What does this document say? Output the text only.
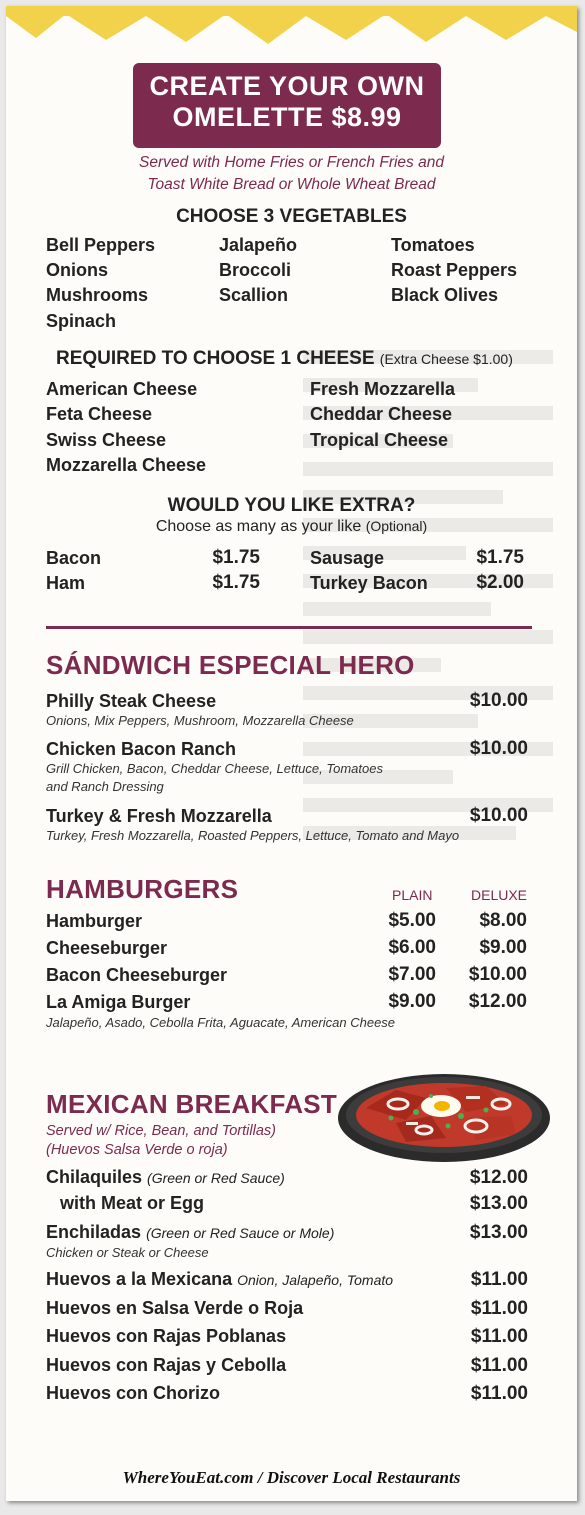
CREATE YOUR OWN
OMELETTE $8.99
Served with Home Fries or French Fries and
Toast White Bread or Whole Wheat Bread
CHOOSE 3 VEGETABLES
Bell Peppers	Jalapeño	Tomatoes
Onions	Broccoli	Roast Peppers
Mushrooms	Scallion	Black Olives
Spinach
REQUIRED TO CHOOSE 1 CHEESE (Extra Cheese $1.00)
American Cheese	Fresh Mozzarella
Feta Cheese	Cheddar Cheese
Swiss Cheese	Tropical Cheese
Mozzarella Cheese
WOULD YOU LIKE EXTRA?
Choose as many as your like (Optional)
Bacon	$1.75
Ham	$1.75
Sausage	$1.75
Turkey Bacon	$2.00
SÁNDWICH ESPECIAL HERO
Philly Steak Cheese	$10.00
Onions, Mix Peppers, Mushroom, Mozzarella Cheese
Chicken Bacon Ranch	$10.00
Grill Chicken, Bacon, Cheddar Cheese, Lettuce, Tomatoes
and Ranch Dressing
Turkey & Fresh Mozzarella	$10.00
Turkey, Fresh Mozzarella, Roasted Peppers, Lettuce, Tomato and Mayo
HAMBURGERS	PLAIN	DELUXE
Hamburger	$5.00	$8.00
Cheeseburger	$6.00	$9.00
Bacon Cheeseburger	$7.00	$10.00
La Amiga Burger	$9.00	$12.00
Jalapeño, Asado, Cebolla Frita, Aguacate, American Cheese
MEXICAN BREAKFAST
Served w/ Rice, Bean, and Tortillas)
(Huevos Salsa Verde o roja)
Chilaquiles (Green or Red Sauce)	$12.00
with Meat or Egg	$13.00
Enchiladas (Green or Red Sauce or Mole)	$13.00
Chicken or Steak or Cheese
Huevos a la Mexicana Onion, Jalapeño, Tomato	$11.00
Huevos en Salsa Verde o Roja	$11.00
Huevos con Rajas Poblanas	$11.00
Huevos con Rajas y Cebolla	$11.00
Huevos con Chorizo	$11.00
WhereYouEat.com / Discover Local Restaurants
